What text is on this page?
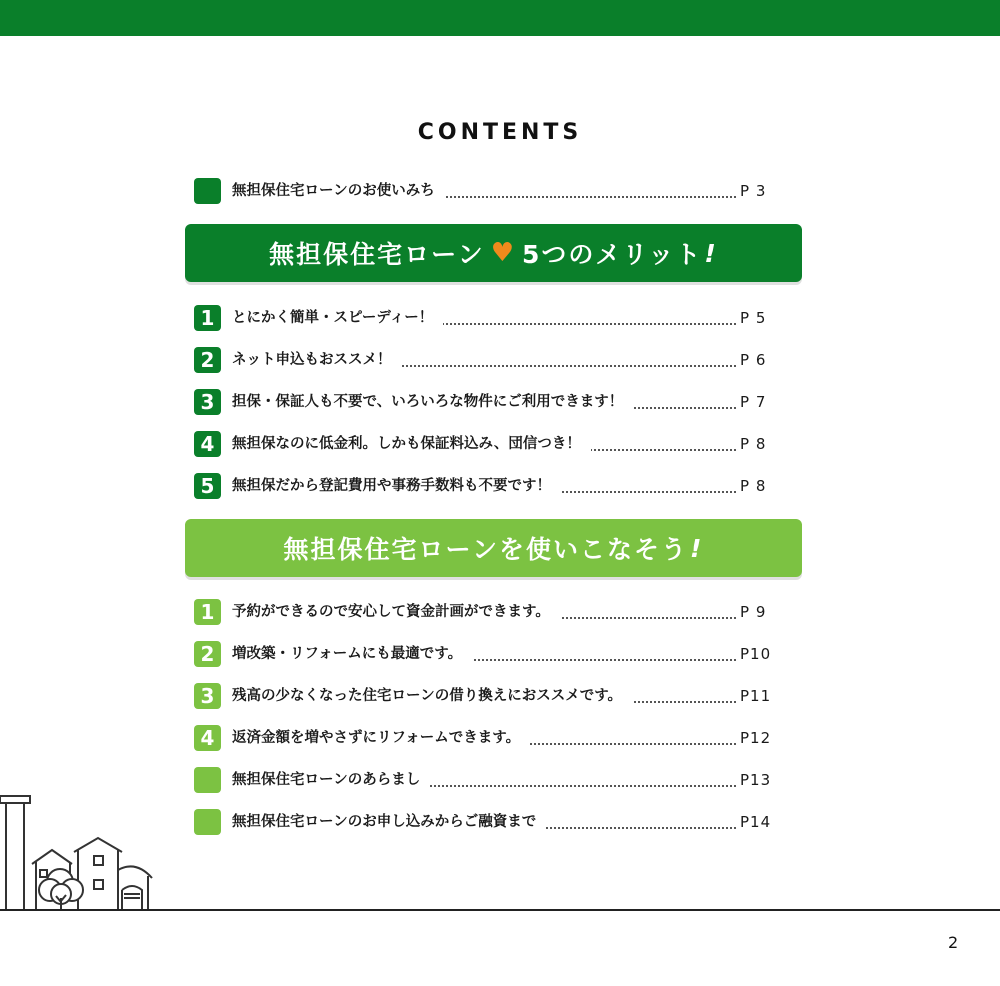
CONTENTS
無担保住宅ローンのお使いみち	P 3
無担保住宅ローン ♥ 5つのメリット !
1	とにかく簡単・スピーディー！	P 5
2	ネット申込もおススメ！	P 6
3	担保・保証人も不要で、いろいろな物件にご利用できます！	P 7
4	無担保なのに低金利。しかも保証料込み、団信つき！	P 8
5	無担保だから登記費用や事務手数料も不要です！	P 8
無担保住宅ローンを使いこなそう !
1	予約ができるので安心して資金計画ができます。	P 9
2	増改築・リフォームにも最適です。	P10
3	残高の少なくなった住宅ローンの借り換えにおススメです。	P11
4	返済金額を増やさずにリフォームできます。	P12
無担保住宅ローンのあらまし	P13
無担保住宅ローンのお申し込みからご融資まで	P14
2
